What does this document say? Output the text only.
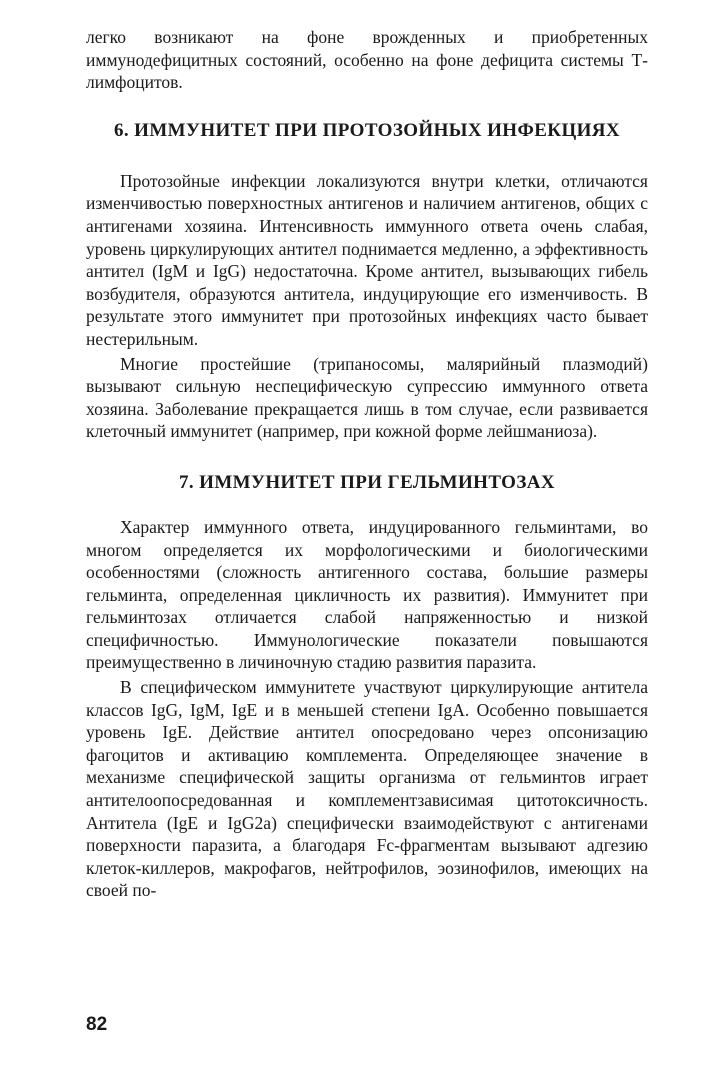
легко возникают на фоне врожденных и приобретенных иммунодефицитных состояний, особенно на фоне дефицита системы Т-лимфоцитов.

6. ИММУНИТЕТ ПРИ ПРОТОЗОЙНЫХ ИНФЕКЦИЯХ

Протозойные инфекции локализуются внутри клетки, отличаются изменчивостью поверхностных антигенов и наличием антигенов, общих с антигенами хозяина. Интенсивность иммунного ответа очень слабая, уровень циркулирующих антител поднимается медленно, а эффективность антител (IgM и IgG) недостаточна. Кроме антител, вызывающих гибель возбудителя, образуются антитела, индуцирующие его изменчивость. В результате этого иммунитет при протозойных инфекциях часто бывает нестерильным.

Многие простейшие (трипаносомы, малярийный плазмодий) вызывают сильную неспецифическую супрессию иммунного ответа хозяина. Заболевание прекращается лишь в том случае, если развивается клеточный иммунитет (например, при кожной форме лейшманиоза).

7. ИММУНИТЕТ ПРИ ГЕЛЬМИНТОЗАХ

Характер иммунного ответа, индуцированного гельминтами, во многом определяется их морфологическими и биологическими особенностями (сложность антигенного состава, большие размеры гельминта, определенная цикличность их развития). Иммунитет при гельминтозах отличается слабой напряженностью и низкой специфичностью. Иммунологические показатели повышаются преимущественно в личиночную стадию развития паразита.

В специфическом иммунитете участвуют циркулирующие антитела классов IgG, IgM, IgE и в меньшей степени IgA. Особенно повышается уровень IgE. Действие антител опосредовано через опсонизацию фагоцитов и активацию комплемента. Определяющее значение в механизме специфической защиты организма от гельминтов играет антителоопосредованная и комплементзависимая цитотоксичность. Антитела (IgE и IgG2a) специфически взаимодействуют с антигенами поверхности паразита, а благодаря Fc-фрагментам вызывают адгезию клеток-киллеров, макрофагов, нейтрофилов, эозинофилов, имеющих на своей по-

82
